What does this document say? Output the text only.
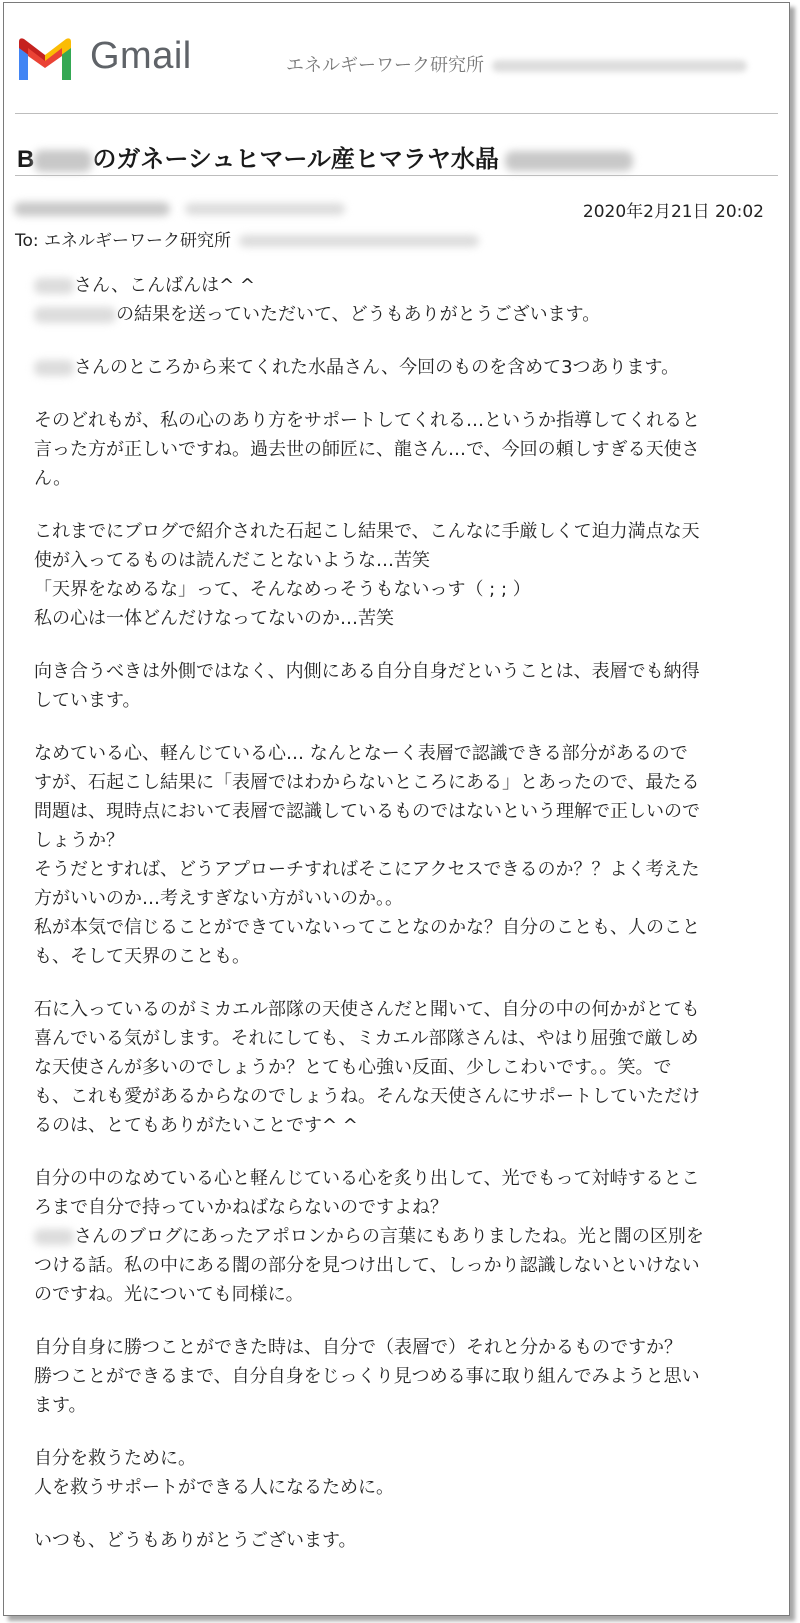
Gmail	エネルギーワーク研究所
B のガネーシュヒマール産ヒマラヤ水晶

2020年2月21日 20:02
To: エネルギーワーク研究所

さん、こんばんは^ ^
の結果を送っていただいて、どうもありがとうございます。

さんのところから来てくれた水晶さん、今回のものを含めて3つあります。

そのどれもが、私の心のあり方をサポートしてくれる…というか指導してくれると
言った方が正しいですね。過去世の師匠に、龍さん…で、今回の頼しすぎる天使さ
ん。

これまでにブログで紹介された石起こし結果で、こんなに手厳しくて迫力満点な天
使が入ってるものは読んだことないような…苦笑
「天界をなめるな」って、そんなめっそうもないっす（ ; ; ）
私の心は一体どんだけなってないのか…苦笑

向き合うべきは外側ではなく、内側にある自分自身だということは、表層でも納得
しています。

なめている心、軽んじている心… なんとなーく表層で認識できる部分があるので
すが、石起こし結果に「表層ではわからないところにある」とあったので、最たる
問題は、現時点において表層で認識しているものではないという理解で正しいので
しょうか？
そうだとすれば、どうアプローチすればそこにアクセスできるのか？？よく考えた
方がいいのか…考えすぎない方がいいのか。。
私が本気で信じることができていないってことなのかな？自分のことも、人のこと
も、そして天界のことも。

石に入っているのがミカエル部隊の天使さんだと聞いて、自分の中の何かがとても
喜んでいる気がします。それにしても、ミカエル部隊さんは、やはり屈強で厳しめ
な天使さんが多いのでしょうか？とても心強い反面、少しこわいです。。笑。で
も、これも愛があるからなのでしょうね。そんな天使さんにサポートしていただけ
るのは、とてもありがたいことです^ ^

自分の中のなめている心と軽んじている心を炙り出して、光でもって対峙するとこ
ろまで自分で持っていかねばならないのですよね？
さんのブログにあったアポロンからの言葉にもありましたね。光と闇の区別を
つける話。私の中にある闇の部分を見つけ出して、しっかり認識しないといけない
のですね。光についても同様に。

自分自身に勝つことができた時は、自分で（表層で）それと分かるものですか？
勝つことができるまで、自分自身をじっくり見つめる事に取り組んでみようと思い
ます。

自分を救うために。
人を救うサポートができる人になるために。

いつも、どうもありがとうございます。
